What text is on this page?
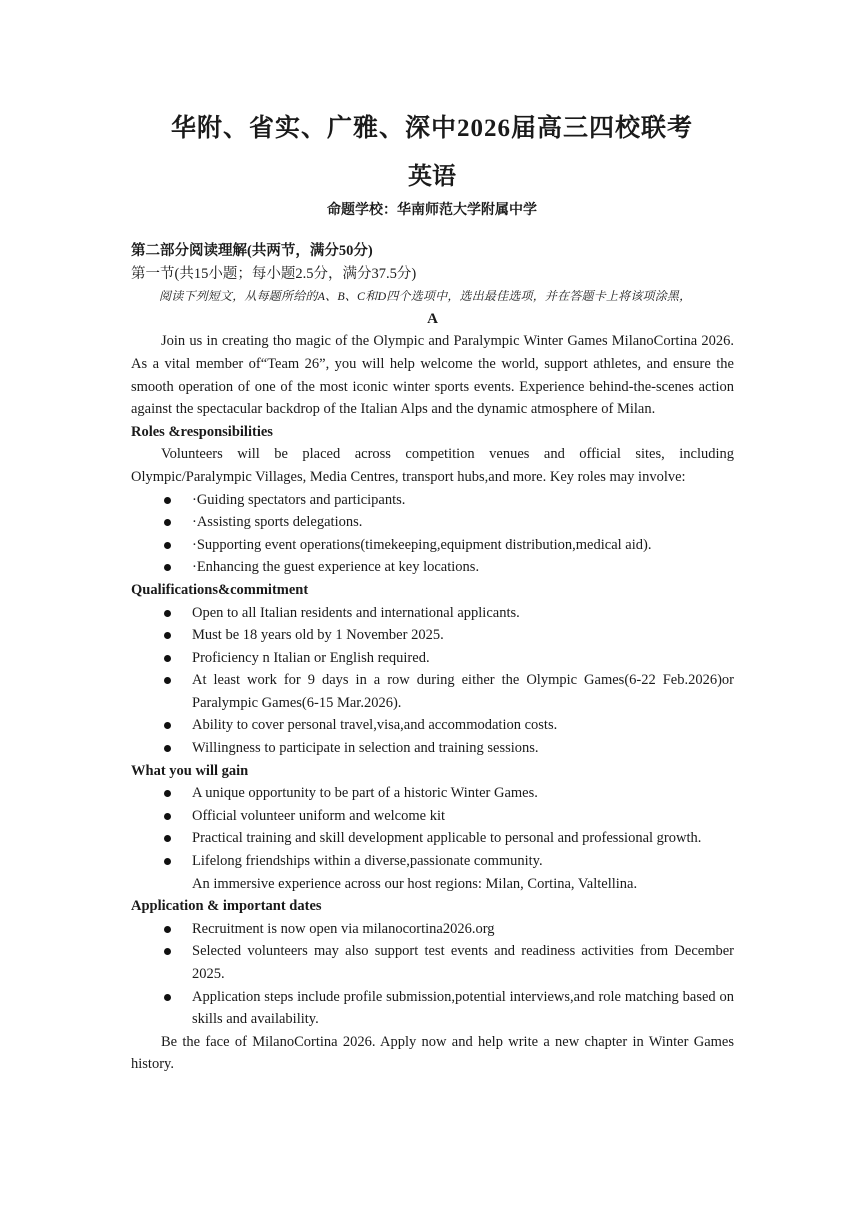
华附、省实、广雅、深中2026届高三四校联考
英语
命题学校：华南师范大学附属中学

第二部分阅读理解(共两节，满分50分)

第一节(共15小题；每小题2.5分，满分37.5分)

阅读下列短文，从每题所给的A、B、C和D四个选项中，选出最佳选项，并在答题卡上将该项涂黑，

A

Join us in creating tho magic of the Olympic and Paralympic Winter Games MilanoCortina 2026. As a vital member of“Team 26”, you will help welcome the world, support athletes, and ensure the smooth operation of one of the most iconic winter sports events. Experience behind-the-scenes action against the spectacular backdrop of the Italian Alps and the dynamic atmosphere of Milan.

Roles &responsibilities

Volunteers will be placed across competition venues and official sites, including Olympic/Paralympic Villages, Media Centres, transport hubs,and more. Key roles may involve:

·Guiding spectators and participants.
·Assisting sports delegations.
·Supporting event operations(timekeeping,equipment distribution,medical aid).
·Enhancing the guest experience at key locations.

Qualifications&commitment

Open to all Italian residents and international applicants.
Must be 18 years old by 1 November 2025.
Proficiency n Italian or English required.
At least work for 9 days in a row during either the Olympic Games(6-22 Feb.2026)or Paralympic Games(6-15 Mar.2026).
Ability to cover personal travel,visa,and accommodation costs.
Willingness to participate in selection and training sessions.

What you will gain

A unique opportunity to be part of a historic Winter Games.
Official volunteer uniform and welcome kit
Practical training and skill development applicable to personal and professional growth.
Lifelong friendships within a diverse,passionate community.

An immersive experience across our host regions: Milan, Cortina, Valtellina.

Application & important dates

Recruitment is now open via milanocortina2026.org
Selected volunteers may also support test events and readiness activities from December 2025.
Application steps include profile submission,potential interviews,and role matching based on skills and availability.

Be the face of MilanoCortina 2026. Apply now and help write a new chapter in Winter Games history.
